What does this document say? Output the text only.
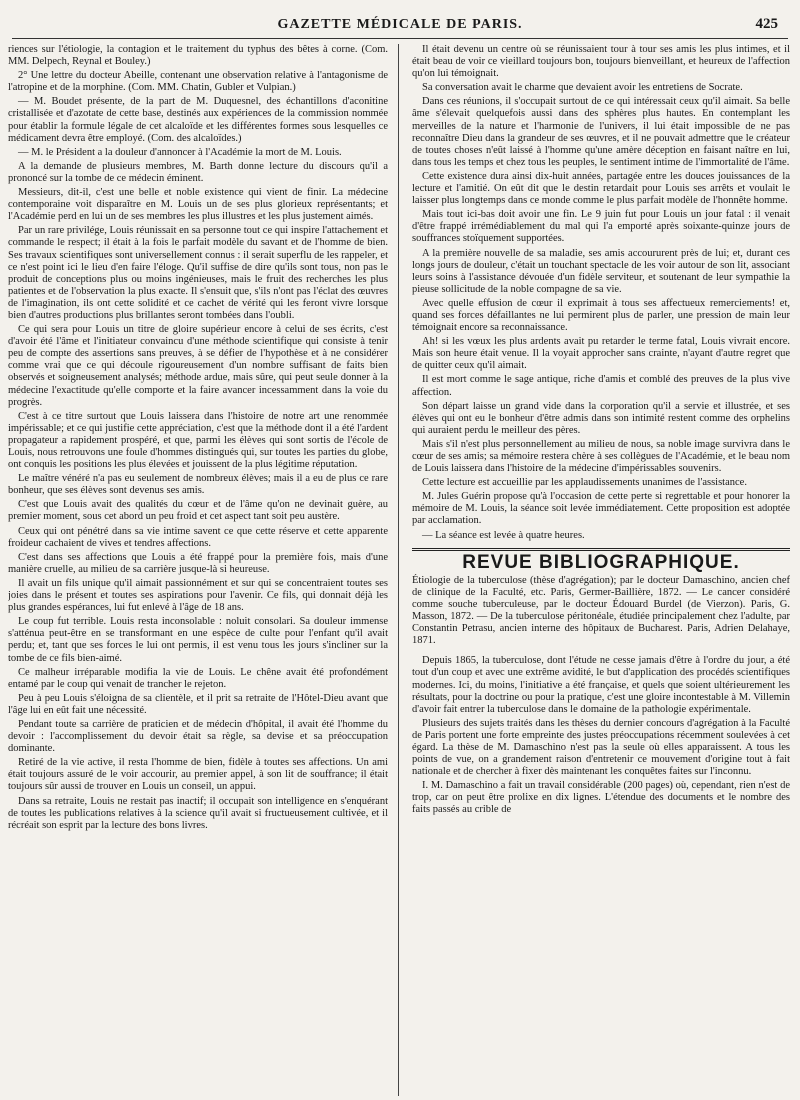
GAZETTE MÉDICALE DE PARIS.	425

riences sur l'étiologie, la contagion et le traitement du typhus des bêtes à corne. (Com. MM. Delpech, Reynal et Bouley.)

2° Une lettre du docteur Abeille, contenant une observation relative à l'antagonisme de l'atropine et de la morphine. (Com. MM. Chatin, Gubler et Vulpian.)

— M. Boudet présente, de la part de M. Duquesnel, des échantillons d'aconitine cristallisée et d'azotate de cette base, destinés aux expériences de la commission nommée pour établir la formule légale de cet alcaloïde et les différentes formes sous lesquelles ce médicament devra être employé. (Com. des alcaloïdes.)

— M. le Président a la douleur d'annoncer à l'Académie la mort de M. Louis.

A la demande de plusieurs membres, M. Barth donne lecture du discours qu'il a prononcé sur la tombe de ce médecin éminent.

Messieurs, dit-il, c'est une belle et noble existence qui vient de finir. La médecine contemporaine voit disparaître en M. Louis un de ses plus glorieux représentants; et l'Académie perd en lui un de ses membres les plus illustres et les plus justement aimés.

Par un rare privilége, Louis réunissait en sa personne tout ce qui inspire l'attachement et commande le respect; il était à la fois le parfait modèle du savant et de l'homme de bien. Ses travaux scientifiques sont universellement connus : il serait superflu de les rappeler, et ce n'est point ici le lieu d'en faire l'éloge. Qu'il suffise de dire qu'ils sont tous, non pas le produit de conceptions plus ou moins ingénieuses, mais le fruit des recherches les plus patientes et de l'observation la plus exacte. Il s'ensuit que, s'ils n'ont pas l'éclat des œuvres de l'imagination, ils ont cette solidité et ce cachet de vérité qui les feront vivre lorsque bien d'autres productions plus brillantes seront tombées dans l'oubli.

Ce qui sera pour Louis un titre de gloire supérieur encore à celui de ses écrits, c'est d'avoir été l'âme et l'initiateur convaincu d'une méthode scientifique qui consiste à tenir peu de compte des assertions sans preuves, à se défier de l'hypothèse et à ne considérer comme vrai que ce qui découle rigoureusement d'un nombre suffisant de faits bien observés et soigneusement analysés; méthode ardue, mais sûre, qui peut seule donner à la médecine l'exactitude qu'elle comporte et la faire avancer incessamment dans la voie du progrès.

C'est à ce titre surtout que Louis laissera dans l'histoire de notre art une renommée impérissable; et ce qui justifie cette appréciation, c'est que la méthode dont il a été l'ardent propagateur a rapidement prospéré, et que, parmi les élèves qui sont sortis de l'école de Louis, nous retrouvons une foule d'hommes distingués qui, sur toutes les parties du globe, ont conquis les positions les plus élevées et jouissent de la plus légitime réputation.

Le maître vénéré n'a pas eu seulement de nombreux élèves; mais il a eu de plus ce rare bonheur, que ses élèves sont devenus ses amis.

C'est que Louis avait des qualités du cœur et de l'âme qu'on ne devinait guère, au premier moment, sous cet abord un peu froid et cet aspect tant soit peu austère.

Ceux qui ont pénétré dans sa vie intime savent ce que cette réserve et cette apparente froideur cachaient de vives et tendres affections.

C'est dans ses affections que Louis a été frappé pour la première fois, mais d'une manière cruelle, au milieu de sa carrière jusque-là si heureuse.

Il avait un fils unique qu'il aimait passionnément et sur qui se concentraient toutes ses joies dans le présent et toutes ses aspirations pour l'avenir. Ce fils, qui donnait déjà les plus grandes espérances, lui fut enlevé à l'âge de 18 ans.

Le coup fut terrible. Louis resta inconsolable : noluit consolari. Sa douleur immense s'atténua peut-être en se transformant en une espèce de culte pour l'enfant qu'il avait perdu; et, tant que ses forces le lui ont permis, il est venu tous les jours s'incliner sur la tombe de ce fils bien-aimé.

Ce malheur irréparable modifia la vie de Louis. Le chêne avait été profondément entamé par le coup qui venait de trancher le rejeton.

Peu à peu Louis s'éloigna de sa clientèle, et il prit sa retraite de l'Hôtel-Dieu avant que l'âge lui en eût fait une nécessité.

Pendant toute sa carrière de praticien et de médecin d'hôpital, il avait été l'homme du devoir : l'accomplissement du devoir était sa règle, sa devise et sa préoccupation dominante.

Retiré de la vie active, il resta l'homme de bien, fidèle à toutes ses affections. Un ami était toujours assuré de le voir accourir, au premier appel, à son lit de souffrance; il était toujours sûr aussi de trouver en Louis un conseil, un appui.

Dans sa retraite, Louis ne restait pas inactif; il occupait son intelligence en s'enquérant de toutes les publications relatives à la science qu'il avait si fructueusement cultivée, et il récréait son esprit par la lecture des bons livres.

Il était devenu un centre où se réunissaient tour à tour ses amis les plus intimes, et il était beau de voir ce vieillard toujours bon, toujours bienveillant, et heureux de l'affection qu'on lui témoignait.

Sa conversation avait le charme que devaient avoir les entretiens de Socrate.

Dans ces réunions, il s'occupait surtout de ce qui intéressait ceux qu'il aimait. Sa belle âme s'élevait quelquefois aussi dans des sphères plus hautes. En contemplant les merveilles de la nature et l'harmonie de l'univers, il lui était impossible de ne pas reconnaître Dieu dans la grandeur de ses œuvres, et il ne pouvait admettre que le créateur de toutes choses n'eût laissé à l'homme qu'une amère déception en faisant naître en lui, dans tous les temps et chez tous les peuples, le sentiment intime de l'immortalité de l'âme.

Cette existence dura ainsi dix-huit années, partagée entre les douces jouissances de la lecture et l'amitié. On eût dit que le destin retardait pour Louis ses arrêts et voulait le laisser plus longtemps dans ce monde comme le plus parfait modèle de l'honnête homme.

Mais tout ici-bas doit avoir une fin. Le 9 juin fut pour Louis un jour fatal : il venait d'être frappé irrémédiablement du mal qui l'a emporté après soixante-quinze jours de souffrances stoïquement supportées.

A la première nouvelle de sa maladie, ses amis accoururent près de lui; et, durant ces longs jours de douleur, c'était un touchant spectacle de les voir autour de son lit, associant leurs soins à l'assistance dévouée d'un fidèle serviteur, et soutenant de leur sympathie la pieuse sollicitude de la noble compagne de sa vie.

Avec quelle effusion de cœur il exprimait à tous ses affectueux remerciements! et, quand ses forces défaillantes ne lui permirent plus de parler, une pression de main leur témoignait encore sa reconnaissance.

Ah! si les vœux les plus ardents avait pu retarder le terme fatal, Louis vivrait encore. Mais son heure était venue. Il la voyait approcher sans crainte, n'ayant d'autre regret que de quitter ceux qu'il aimait.

Il est mort comme le sage antique, riche d'amis et comblé des preuves de la plus vive affection.

Son départ laisse un grand vide dans la corporation qu'il a servie et illustrée, et ses élèves qui ont eu le bonheur d'être admis dans son intimité restent comme des orphelins qui auraient perdu le meilleur des pères.

Mais s'il n'est plus personnellement au milieu de nous, sa noble image survivra dans le cœur de ses amis; sa mémoire restera chère à ses collègues de l'Académie, et le beau nom de Louis laissera dans l'histoire de la médecine d'impérissables souvenirs.

Cette lecture est accueillie par les applaudissements unanimes de l'assistance.

M. Jules Guérin propose qu'à l'occasion de cette perte si regrettable et pour honorer la mémoire de M. Louis, la séance soit levée immédiatement. Cette proposition est adoptée par acclamation.

— La séance est levée à quatre heures.

REVUE BIBLIOGRAPHIQUE.

Étiologie de la tuberculose (thèse d'agrégation); par le docteur Damaschino, ancien chef de clinique de la Faculté, etc. Paris, Germer-Baillière, 1872. — Le cancer considéré comme souche tuberculeuse, par le docteur Édouard Burdel (de Vierzon). Paris, G. Masson, 1872. — De la tuberculose péritonéale, étudiée principalement chez l'adulte, par Constantin Petrasu, ancien interne des hôpitaux de Bucharest. Paris, Adrien Delahaye, 1871.

Depuis 1865, la tuberculose, dont l'étude ne cesse jamais d'être à l'ordre du jour, a été tout d'un coup et avec une extrême avidité, le but d'application des procédés scientifiques modernes. Ici, du moins, l'initiative a été française, et quels que soient ultérieurement les résultats, pour la doctrine ou pour la pratique, c'est une gloire incontestable à M. Villemin d'avoir fait entrer la tuberculose dans le domaine de la pathologie expérimentale.

Plusieurs des sujets traités dans les thèses du dernier concours d'agrégation à la Faculté de Paris portent une forte empreinte des justes préoccupations récemment soulevées à cet égard. La thèse de M. Damaschino n'est pas la seule où elles apparaissent. A tous les points de vue, on a grandement raison d'entretenir ce mouvement d'origine tout à fait nationale et de chercher à fixer dès maintenant les conquêtes faites sur l'inconnu.

I. M. Damaschino a fait un travail considérable (200 pages) où, cependant, rien n'est de trop, car on peut être prolixe en dix lignes. L'étendue des documents et le nombre des faits passés au crible de
